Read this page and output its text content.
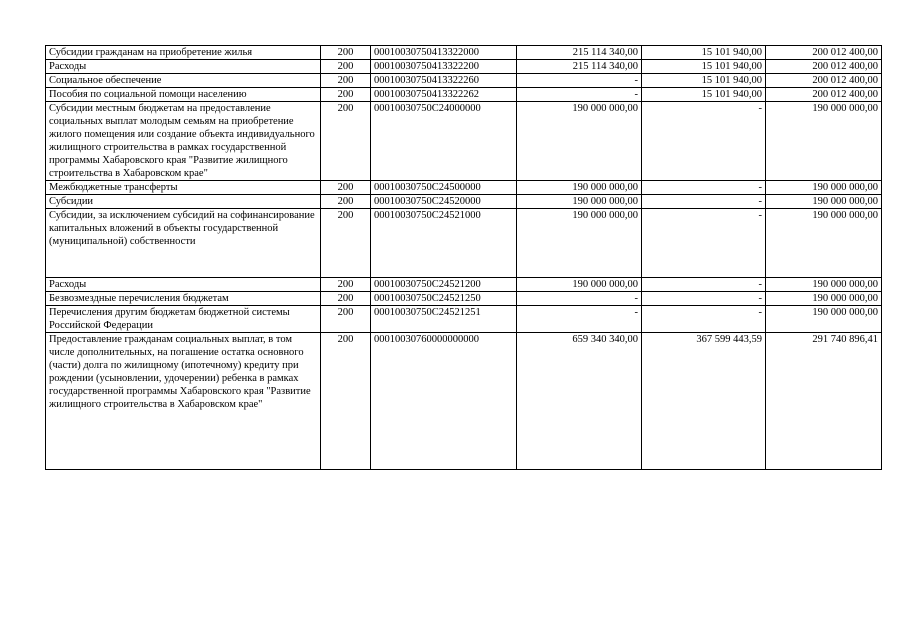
Субсидии гражданам на приобретение жилья	200	00010030750413322000	215 114 340,00	15 101 940,00	200 012 400,00
Расходы	200	00010030750413322200	215 114 340,00	15 101 940,00	200 012 400,00
Социальное обеспечение	200	00010030750413322260	-	15 101 940,00	200 012 400,00
Пособия по социальной помощи населению	200	00010030750413322262	-	15 101 940,00	200 012 400,00
Субсидии местным бюджетам на предоставление социальных выплат молодым семьям на приобретение жилого помещения или создание объекта индивидуального жилищного строительства в рамках государственной программы Хабаровского края "Развитие жилищного строительства в Хабаровском крае"	200	00010030750С24000000	190 000 000,00	-	190 000 000,00
Межбюджетные трансферты	200	00010030750С24500000	190 000 000,00	-	190 000 000,00
Субсидии	200	00010030750С24520000	190 000 000,00	-	190 000 000,00
Субсидии, за исключением субсидий на софинансирование капитальных вложений в объекты государственной (муниципальной) собственности	200	00010030750С24521000	190 000 000,00	-	190 000 000,00
Расходы	200	00010030750С24521200	190 000 000,00	-	190 000 000,00
Безвозмездные перечисления бюджетам	200	00010030750С24521250	-	-	190 000 000,00
Перечисления другим бюджетам бюджетной системы Российской Федерации	200	00010030750С24521251	-	-	190 000 000,00
Предоставление гражданам социальных выплат, в том числе дополнительных, на погашение остатка основного (части) долга по жилищному (ипотечному) кредиту при рождении (усыновлении, удочерении) ребенка в рамках государственной программы Хабаровского края "Развитие жилищного строительства в Хабаровском крае"	200	00010030760000000000	659 340 340,00	367 599 443,59	291 740 896,41
